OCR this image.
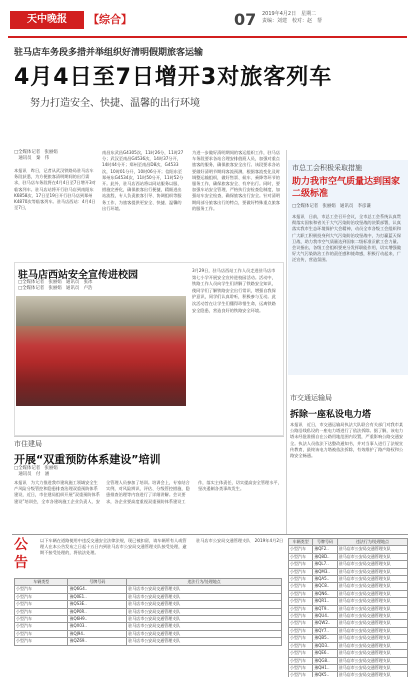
天中晚报	【综合】	07 2019年4月2日　星期二
责编：刘建　校对：赵　帮
驻马店车务段多措并举组织好清明假期旅客运输
4月4日至7日增开3对旅客列车
努力打造安全、快捷、温馨的出行环境
□全媒体记者　张丽娟
　通讯员　秦　伟
本报讯　昨日，记者从武汉铁路局驻马店车务段获悉，为方便旅客清明期间的出行需求，驻马店车务段将在4月4日至7日增开3对临客列车。驻马店站将开行驻马店到南阳东K6858次、17日至19日开行驻马店到郑州K4870次等临客列车。驻马店西站：4月4日至7日，
南昌东武昌G4305次，11时26分，11时27分；武汉至南昌G4536次，14时37分开，14时44分开；郑州至南昌D8次，G4533次，10时01分开，10时06分开；信阳东至郑州东G4534次，11时50分开，11时52分开。此外，驻马店西站将以同站服务以服、措施完善化，确保旅客出行便捷，精细进出站流程，专人负责旅客引导、协调组织等服务工作，为旅客提供更安全、快捷、温馨的出行环境。
为进一步做好清明期间的客运组织工作，驻马店车务段要求各站合理安排值班人员，加强对重点旅客的服务，确保旅客安全出行。该段要求各站要做好清明节期间客流预测，根据客流变化及时调整运输组织，做好售票、候车、乘降等环节的服务工作，确保旅客安全、有序出行。同时，要加强车站安全管理，严格执行安检查危制度，加强站车安全检查，确保旅客出行安全。针对清明期间部分旅客出行的特点，要做好特殊重点旅客的服务工作。
驻马店西站安全宣传进校园
□全媒体记者　张丽娟　通讯员　张冰
□全媒体记者　张丽娟　通讯员　卢浩
3月29日，驻马店西站工作人员走进驻马店市第七小学开展安全宣传进校园活动。活动中，铁路工作人员向学生们讲解了铁路安全知识，使同学们了解铁路安全出行常识，增强自我保护意识，同学们认真聆听，积极参与互动。此次活动旨在让学生们懂得珍惜生命，远离铁路安全隐患，营造良好的铁路安全环境。
市总工会积极采取措施
助力我市空气质量达到国家二级标准
□全媒体记者　张丽娟　通讯员　李彦谦
本报讯　日前，市总工会召开会议，全市总工会系统认真贯彻落实国家和省关于大气污染防治攻坚战的决策部署，认真落实我市生态环境保护大会精神，动员全市各级工会组织和广大职工积极投身到大气污染防治攻坚战中，为打赢蓝天保卫战、助力我市空气质量达到国家二级标准贡献工会力量。会议指出，各级工会组织要充分发挥职能作用，切实增强做好大气污染防治工作的责任感和使命感，积极行动起来，广泛宣传，营造氛围。
市交通运输局
拆除一座私设电力塔
本报讯　近日，市交通运输局执法大队联合有关部门对我市某公路沿线私设的一座电力塔进行了依法拆除。据了解，该电力塔未经批准擅自在公路用地范围内设置，严重影响公路交通安全。执法人员依法下达整改通知书，并对当事人进行了法规宣传教育，最终该电力塔被依法拆除，有效维护了路产路权和公路安全畅通。
市住建局
开展“双重预防体系建设”培训
□全媒体记者　张丽娟
　通讯员　付　涵
本报讯　为大力推进我市建筑施工领域安全生产风险分级管控和隐患排查治理双重预防体系建设，近日，市住建局组织开展“双重预防体系建设”培训会，全市各建筑施工企业负责人、安全管理人员参加了培训。培训会上，专家结合实例，对风险辨识、评估、分级管控措施、隐患排查治理等内容进行了详细讲解。会议要求，各企业要高度重视双重预防体系建设工作，落实主体责任，切实提高安全管理水平，坚决遏制各类事故发生。
公告
以下车辆在道路使用中违反交通安全法律法规，现已被扣留，请车辆所有人或管理人在本公告发布之日起十五日内到驻马店市公安局交通管理支队接受处理，逾期不接受处理的，将依法处理。
驻马店市公安局交通管理支队　2019年4月2日
车辆类型	号牌号码	违法行为/处理地点
小型汽车	豫Q6G4..	驻马店市公安局交通管理支队
小型汽车	豫Q0E1..	驻马店市公安局交通管理支队
小型汽车	豫QS3E..	驻马店市公安局交通管理支队
小型汽车	豫QP0R..	驻马店市公安局交通管理支队
小型汽车	豫Q6H9..	驻马店市公安局交通管理支队
小型汽车	豫QX03..	驻马店市公安局交通管理支队
小型汽车	豫QJ94..	驻马店市公安局交通管理支队
小型汽车	豫QZ69..	驻马店市公安局交通管理支队
车辆类型	号牌号码	违法行为/处理地点
小型汽车	豫QF2..	驻马店市公安局交通管理支队
小型汽车	豫Q8D..	驻马店市公安局交通管理支队
小型汽车	豫QL7..	驻马店市公安局交通管理支队
小型汽车	豫QM3..	驻马店市公安局交通管理支队
小型汽车	豫QA5..	驻马店市公安局交通管理支队
小型汽车	豫QC8..	驻马店市公安局交通管理支队
小型汽车	豫QN6..	驻马店市公安局交通管理支队
小型汽车	豫QR1..	驻马店市公安局交通管理支队
小型汽车	豫QT9..	驻马店市公安局交通管理支队
小型汽车	豫QU4..	驻马店市公安局交通管理支队
小型汽车	豫QW2..	驻马店市公安局交通管理支队
小型汽车	豫QY7..	驻马店市公安局交通管理支队
小型汽车	豫QB5..	驻马店市公安局交通管理支队
小型汽车	豫QD3..	驻马店市公安局交通管理支队
小型汽车	豫QE6..	驻马店市公安局交通管理支队
小型汽车	豫QG8..	驻马店市公安局交通管理支队
小型汽车	豫QH1..	驻马店市公安局交通管理支队
小型汽车	豫QK5..	驻马店市公安局交通管理支队
